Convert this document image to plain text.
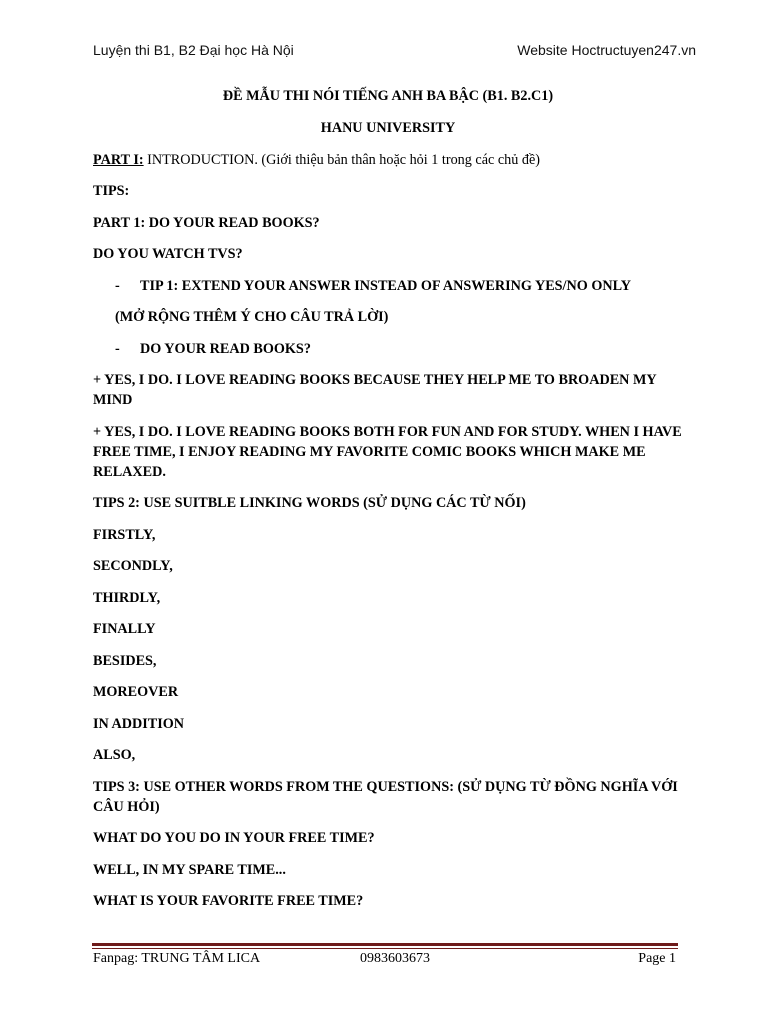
Luyện thi B1, B2 Đại học Hà Nội	Website Hoctructuyen247.vn

ĐỀ MẪU THI NÓI TIẾNG ANH BA BẬC (B1. B2.C1)

HANU UNIVERSITY

PART I: INTRODUCTION. (Giới thiệu bản thân hoặc hỏi 1 trong các chủ đề)

TIPS:

PART 1: DO YOUR READ BOOKS?

DO YOU WATCH TVS?

- TIP 1: EXTEND YOUR ANSWER INSTEAD OF ANSWERING YES/NO ONLY

(MỞ RỘNG THÊM Ý CHO CÂU TRẢ LỜI)

- DO YOUR READ BOOKS?

+ YES, I DO. I LOVE READING BOOKS BECAUSE THEY HELP ME TO BROADEN MY MIND

+ YES, I DO. I LOVE READING BOOKS BOTH FOR FUN AND FOR STUDY. WHEN I HAVE FREE TIME, I ENJOY READING MY FAVORITE COMIC BOOKS WHICH MAKE ME RELAXED.

TIPS 2: USE SUITBLE LINKING WORDS (SỬ DỤNG CÁC TỪ NỐI)

FIRSTLY,

SECONDLY,

THIRDLY,

FINALLY

BESIDES,

MOREOVER

IN ADDITION

ALSO,

TIPS 3: USE OTHER WORDS FROM THE QUESTIONS: (SỬ DỤNG TỪ ĐỒNG NGHĨA VỚI CÂU HỎI)

WHAT DO YOU DO IN YOUR FREE TIME?

WELL, IN MY SPARE TIME...

WHAT IS YOUR FAVORITE FREE TIME?

Fanpag: TRUNG TÂM LICA	0983603673	Page 1
